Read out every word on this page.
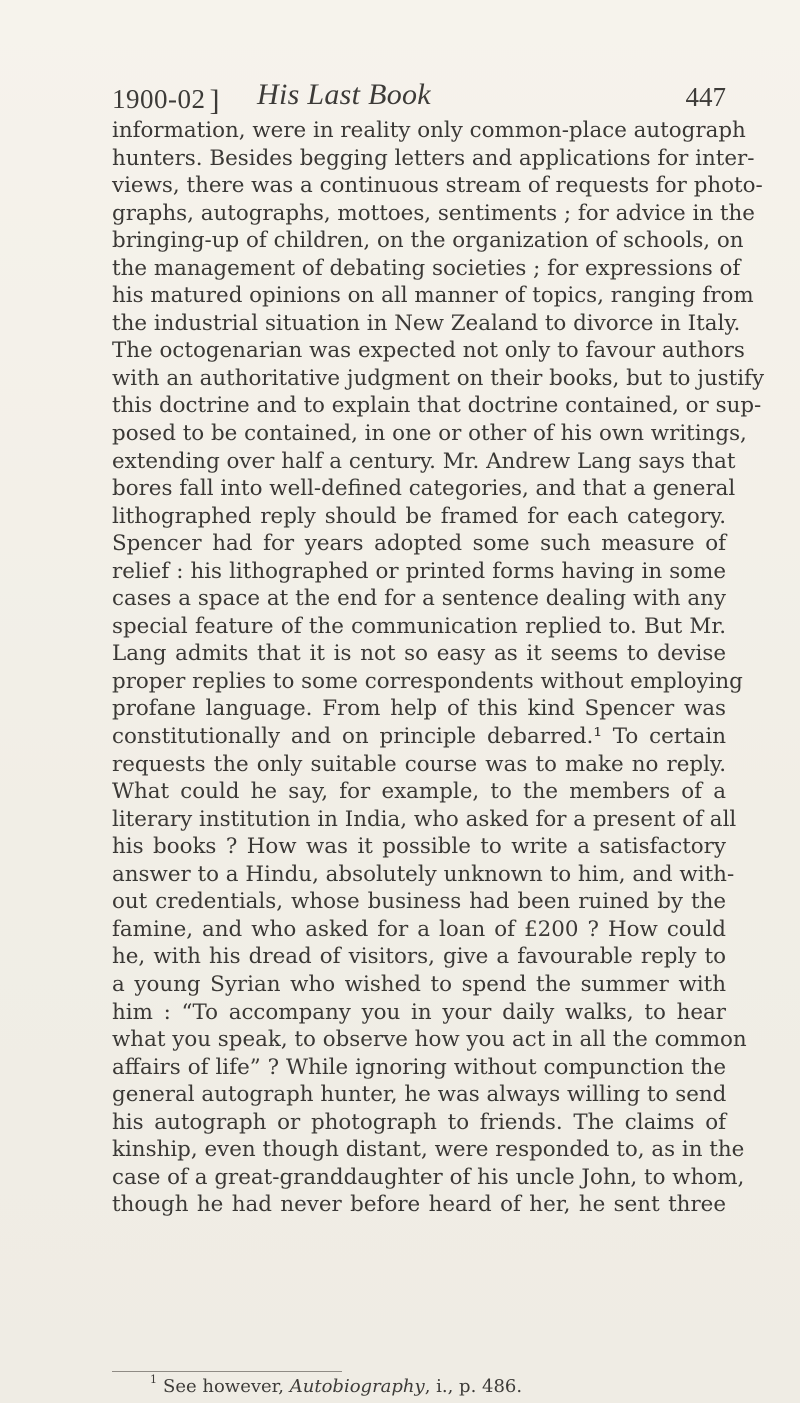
1900-02 ] His Last Book	447
information, were in reality only common-place autograph
hunters. Besides begging letters and applications for inter-
views, there was a continuous stream of requests for photo-
graphs, autographs, mottoes, sentiments ; for advice in the
bringing-up of children, on the organization of schools, on
the management of debating societies ; for expressions of
his matured opinions on all manner of topics, ranging from
the industrial situation in New Zealand to divorce in Italy.
The octogenarian was expected not only to favour authors
with an authoritative judgment on their books, but to justify
this doctrine and to explain that doctrine contained, or sup-
posed to be contained, in one or other of his own writings,
extending over half a century. Mr. Andrew Lang says that
bores fall into well-defined categories, and that a general
lithographed reply should be framed for each category.
Spencer had for years adopted some such measure of
relief : his lithographed or printed forms having in some
cases a space at the end for a sentence dealing with any
special feature of the communication replied to. But Mr.
Lang admits that it is not so easy as it seems to devise
proper replies to some correspondents without employing
profane language. From help of this kind Spencer was
constitutionally and on principle debarred.¹ To certain
requests the only suitable course was to make no reply.
What could he say, for example, to the members of a
literary institution in India, who asked for a present of all
his books ? How was it possible to write a satisfactory
answer to a Hindu, absolutely unknown to him, and with-
out credentials, whose business had been ruined by the
famine, and who asked for a loan of £200 ? How could
he, with his dread of visitors, give a favourable reply to
a young Syrian who wished to spend the summer with
him : “To accompany you in your daily walks, to hear
what you speak, to observe how you act in all the common
affairs of life” ? While ignoring without compunction the
general autograph hunter, he was always willing to send
his autograph or photograph to friends. The claims of
kinship, even though distant, were responded to, as in the
case of a great-granddaughter of his uncle John, to whom,
though he had never before heard of her, he sent three
$^1$ See however, Autobiography, i., p. 486.
